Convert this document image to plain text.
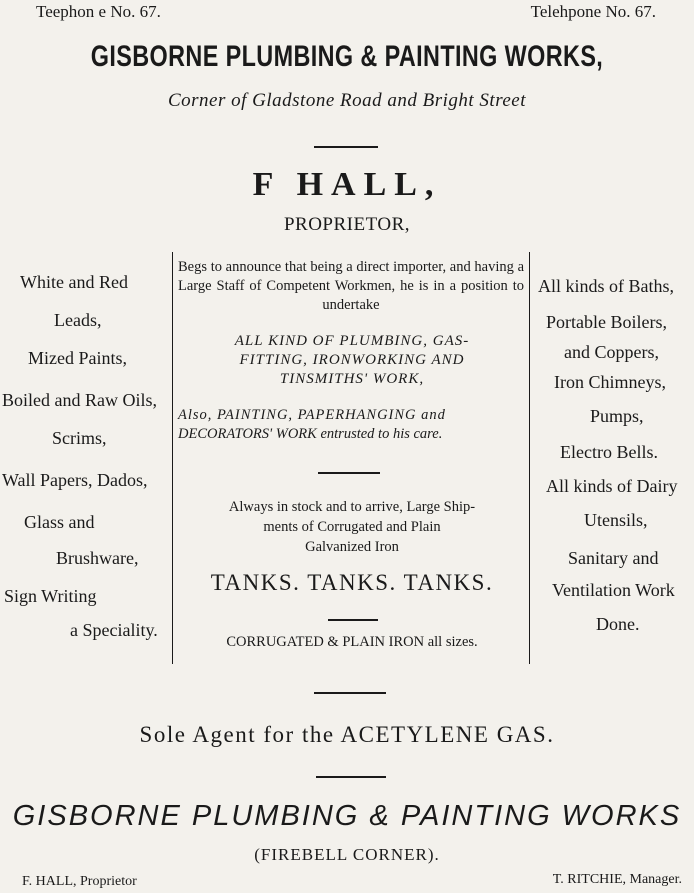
Teephon e No. 67.	Telehpone No. 67.
GISBORNE PLUMBING & PAINTING WORKS,
Corner of Gladstone Road and Bright Street
F HALL,
PROPRIETOR,
White and Red
Leads,
Mized Paints,
Boiled and Raw Oils,
Scrims,
Wall Papers, Dados,
Glass and
Brushware,
Sign Writing
a Speciality.
Begs to announce that being a direct importer, and having a Large Staff of Competent Workmen, he is in a position to undertake
ALL KIND OF PLUMBING, GAS-
FITTING, IRONWORKING AND
TINSMITHS' WORK,
Also, PAINTING, PAPERHANGING and
DECORATORS' WORK entrusted to his care.
Always in stock and to arrive, Large Ship-
ments of Corrugated and Plain
Galvanized Iron
TANKS. TANKS. TANKS.
CORRUGATED & PLAIN IRON all sizes.
All kinds of Baths,
Portable Boilers,
and Coppers,
Iron Chimneys,
Pumps,
Electro Bells.
All kinds of Dairy
Utensils,
Sanitary and
Ventilation Work
Done.
Sole Agent for the ACETYLENE GAS.
GISBORNE PLUMBING & PAINTING WORKS
(FIREBELL CORNER).
F. HALL, Proprietor	T. RITCHIE, Manager.
